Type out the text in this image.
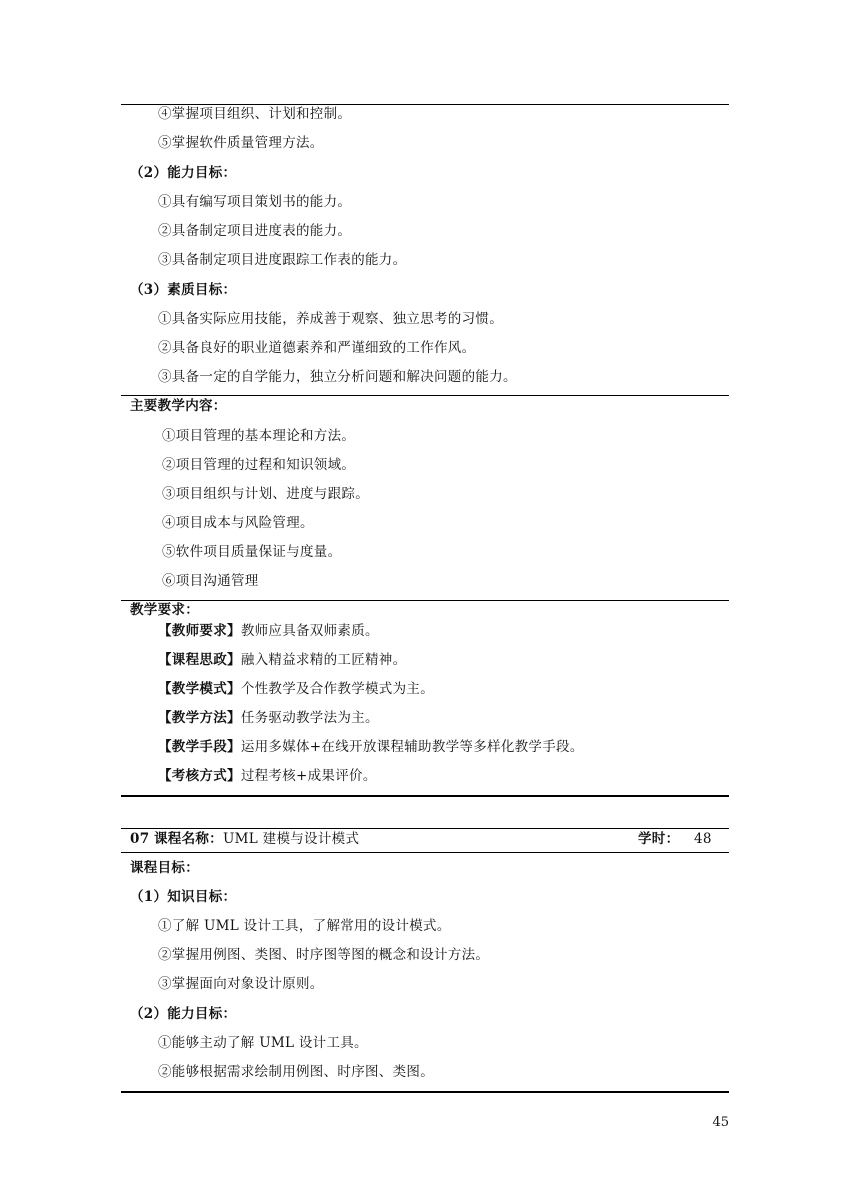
④掌握项目组织、计划和控制。
⑤掌握软件质量管理方法。
（2）能力目标：
①具有编写项目策划书的能力。
②具备制定项目进度表的能力。
③具备制定项目进度跟踪工作表的能力。
（3）素质目标：
①具备实际应用技能，养成善于观察、独立思考的习惯。
②具备良好的职业道德素养和严谨细致的工作作风。
③具备一定的自学能力，独立分析问题和解决问题的能力。
主要教学内容：
①项目管理的基本理论和方法。
②项目管理的过程和知识领域。
③项目组织与计划、进度与跟踪。
④项目成本与风险管理。
⑤软件项目质量保证与度量。
⑥项目沟通管理
教学要求：
【教师要求】教师应具备双师素质。
【课程思政】融入精益求精的工匠精神。
【教学模式】个性教学及合作教学模式为主。
【教学方法】任务驱动教学法为主。
【教学手段】运用多媒体+在线开放课程辅助教学等多样化教学手段。
【考核方式】过程考核+成果评价。
07 课程名称：UML 建模与设计模式	学时： 48
课程目标：
（1）知识目标：
①了解 UML 设计工具，了解常用的设计模式。
②掌握用例图、类图、时序图等图的概念和设计方法。
③掌握面向对象设计原则。
（2）能力目标：
①能够主动了解 UML 设计工具。
②能够根据需求绘制用例图、时序图、类图。
45
